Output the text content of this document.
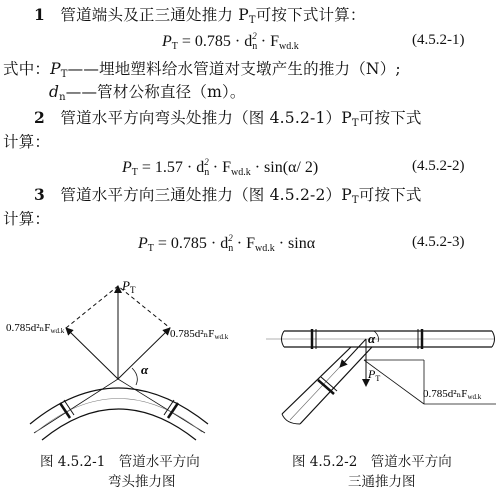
1 管道端头及正三通处推力 $P_T$可按下式计算：
$P_T = 0.785 \cdot d_n^2 \cdot F_{wd.k}$	(4.5.2-1)
式中：$P_T——$埋地塑料给水管道对支墩产生的推力（N）;
$d_n——$管材公称直径（m）。
2 管道水平方向弯头处推力（图 $4.5.2-1)P_T$可按下式
计算：
$P_T = 1.57 \cdot d_n^2 \cdot F_{wd.k} \cdot \sin(\alpha/$ 2)	(4.5.2-2)
3 管道水平方向三通处推力（图 $4.5.2-2)P_T$可按下式
计算：
$P_T = 0.785 \cdot d_n^2 \cdot F_{wd.k} \cdot \sin\alpha$	(4.5.2-3)
$P_T$
0.785d²ₙFwd.k	0.785d²ₙFwd.k
α
α
$P_T$
0.785d²ₙFwd.k
图 4.5.2-1　管道水平方向
弯头推力图
图 4.5.2-2　管道水平方向
三通推力图
